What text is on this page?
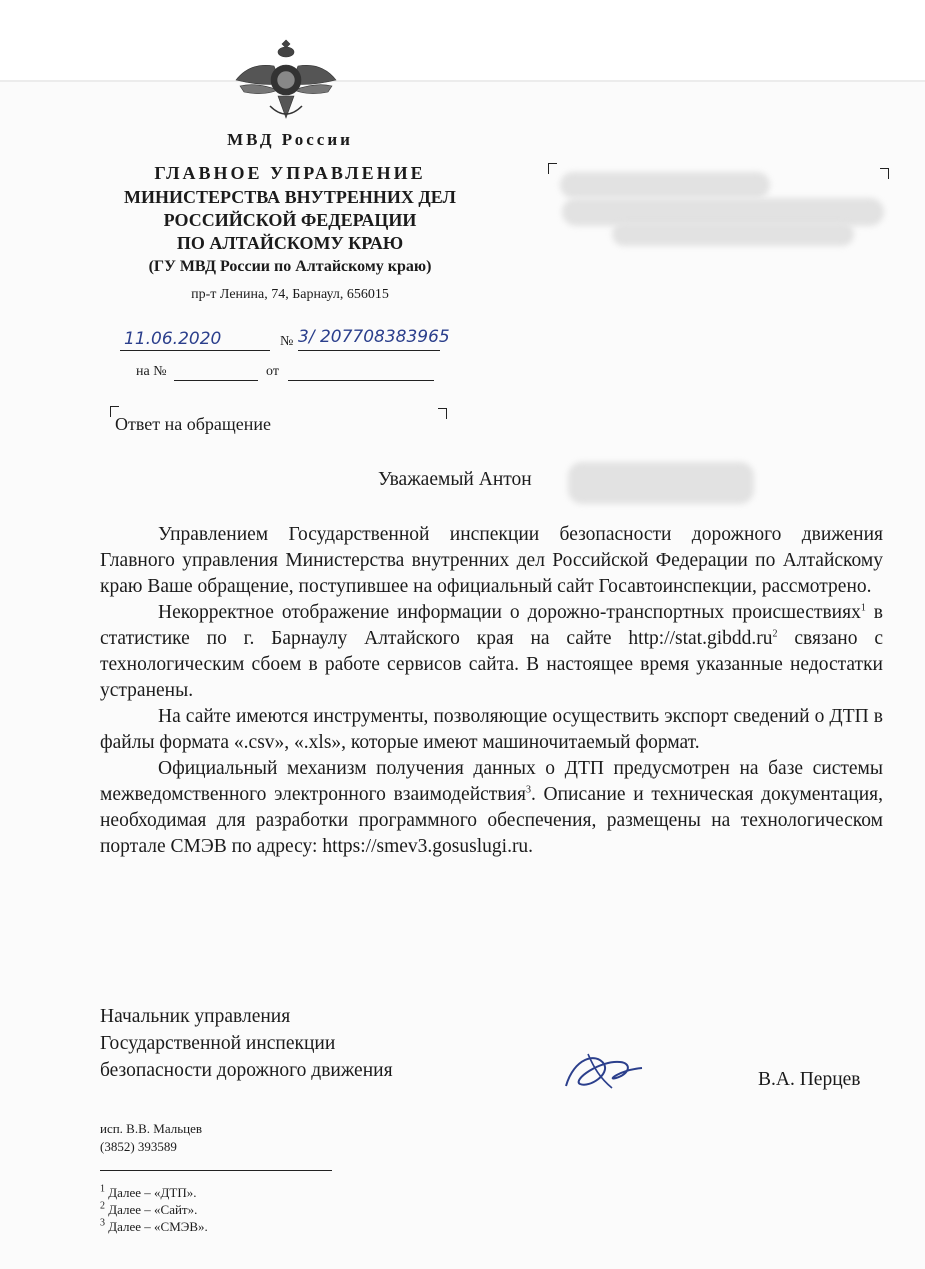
МВД России
ГЛАВНОЕ УПРАВЛЕНИЕ
МИНИСТЕРСТВА ВНУТРЕННИХ ДЕЛ
РОССИЙСКОЙ ФЕДЕРАЦИИ
ПО АЛТАЙСКОМУ КРАЮ
(ГУ МВД России по Алтайскому краю)
пр-т Ленина, 74, Барнаул, 656015
11.06.2020	№ 3/ 207708383965
на №	от
Ответ на обращение
Уважаемый Антон

Управлением Государственной инспекции безопасности дорожного движения Главного управления Министерства внутренних дел Российской Федерации по Алтайскому краю Ваше обращение, поступившее на официальный сайт Госавтоинспекции, рассмотрено.

Некорректное отображение информации о дорожно-транспортных происшествиях$^1$ в статистике по г. Барнаулу Алтайского края на сайте $http://stat.gibdd.ru^2$ связано с технологическим сбоем в работе сервисов сайта. В настоящее время указанные недостатки устранены.

На сайте имеются инструменты, позволяющие осуществить экспорт сведений о ДТП в файлы формата «.csv», «.xls», которые имеют машиночитаемый формат.

Официальный механизм получения данных о ДТП предусмотрен на базе системы межведомственного электронного взаимодействия$^3$. Описание и техническая документация, необходимая для разработки программного обеспечения, размещены на технологическом портале СМЭВ по адресу: https://smev3.gosuslugi.ru.

Начальник управления
Государственной инспекции
безопасности дорожного движения	В.А. Перцев
исп. В.В. Мальцев
(3852) 393589
$^1$ Далее – «ДТП».
$^2$ Далее – «Сайт».
$^3$ Далее – «СМЭВ».
